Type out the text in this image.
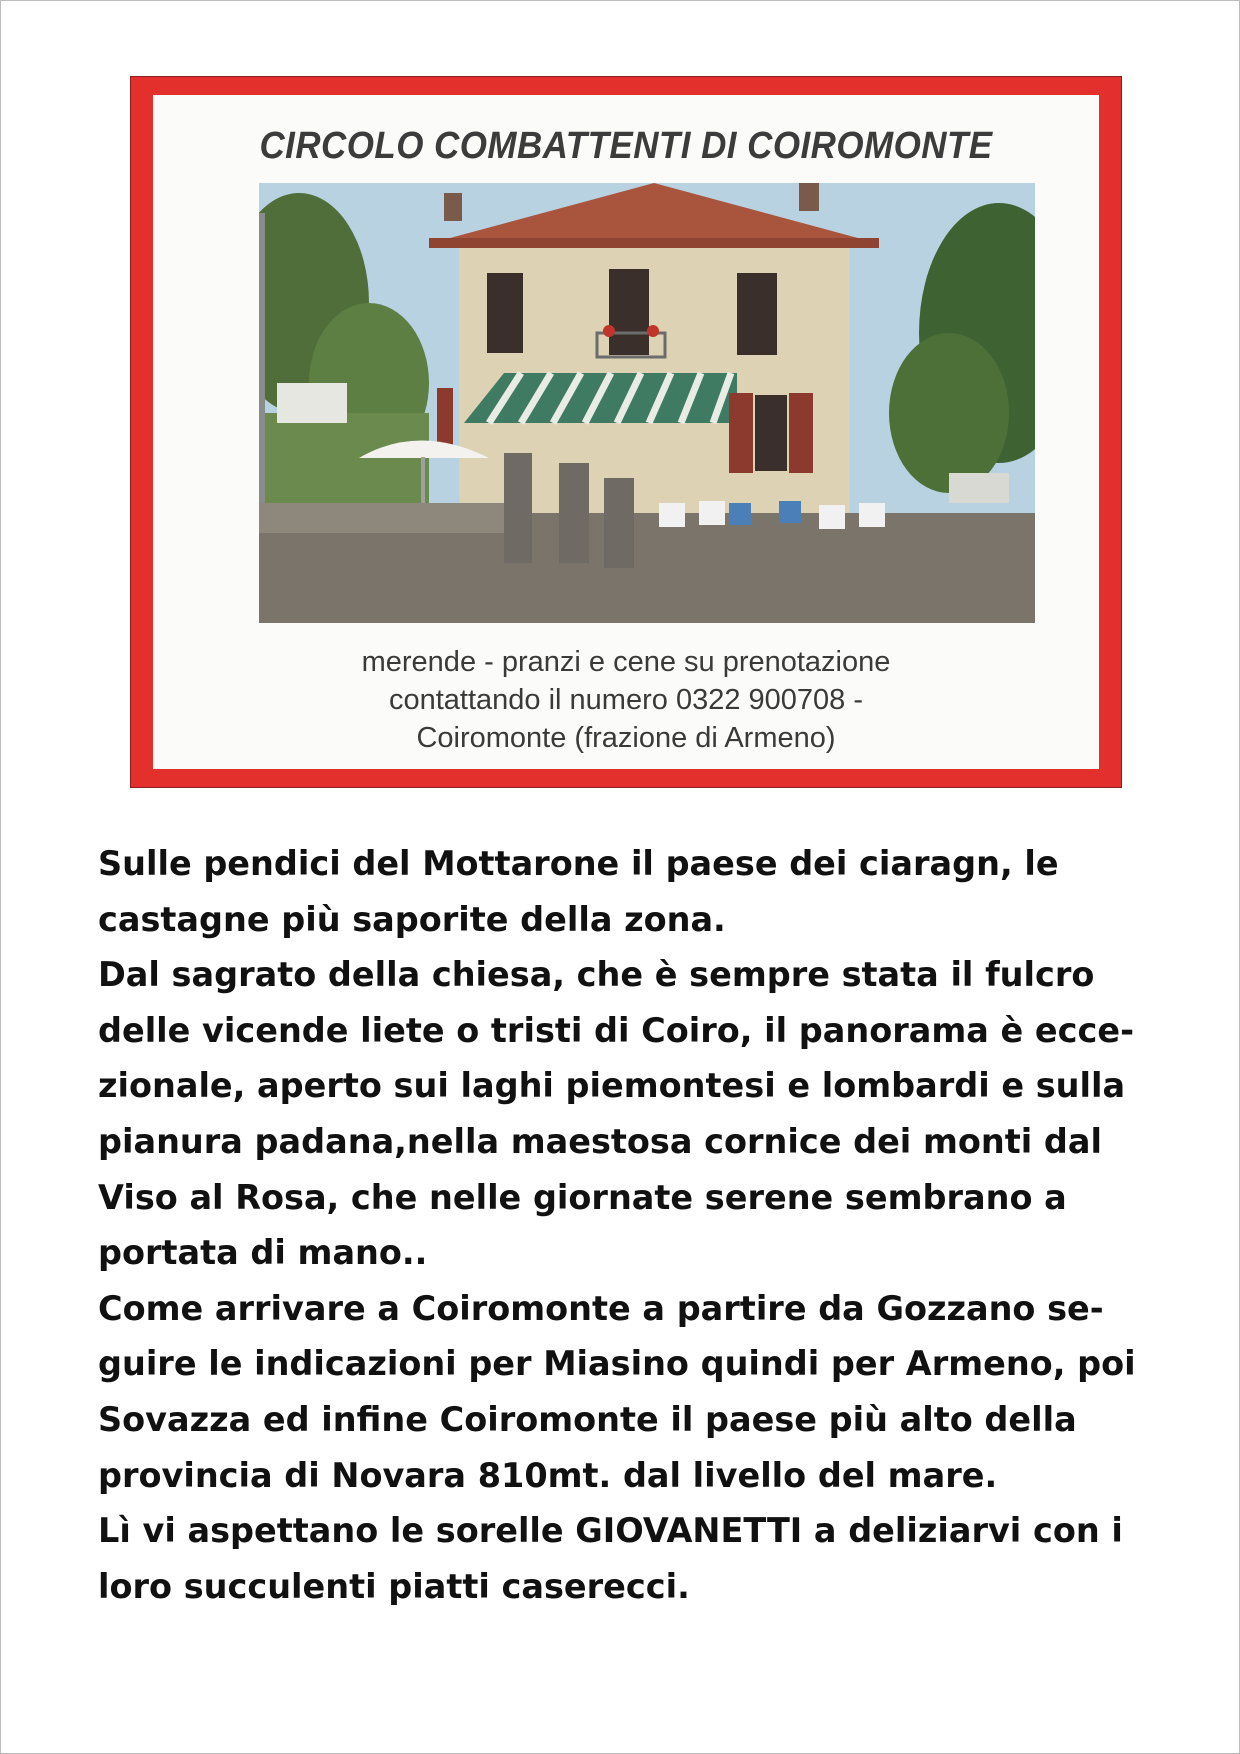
CIRCOLO COMBATTENTI DI COIROMONTE
merende - pranzi e cene su prenotazione
contattando il numero 0322 900708 -
Coiromonte (frazione di Armeno)
Sulle pendici del Mottarone il paese dei ciaragn, le
castagne più saporite della zona.
Dal sagrato della chiesa, che è sempre stata il fulcro
delle vicende liete o tristi di Coiro, il panorama è ecce-
zionale, aperto sui laghi piemontesi e lombardi e sulla
pianura padana,nella maestosa cornice dei monti dal
Viso al Rosa, che nelle giornate serene sembrano a
portata di mano..
Come arrivare a Coiromonte a partire da Gozzano se-
guire le indicazioni per Miasino quindi per Armeno, poi
Sovazza ed infine Coiromonte il paese più alto della
provincia di Novara 810mt. dal livello del mare.
Lì vi aspettano le sorelle GIOVANETTI a deliziarvi con i
loro succulenti piatti caserecci.
